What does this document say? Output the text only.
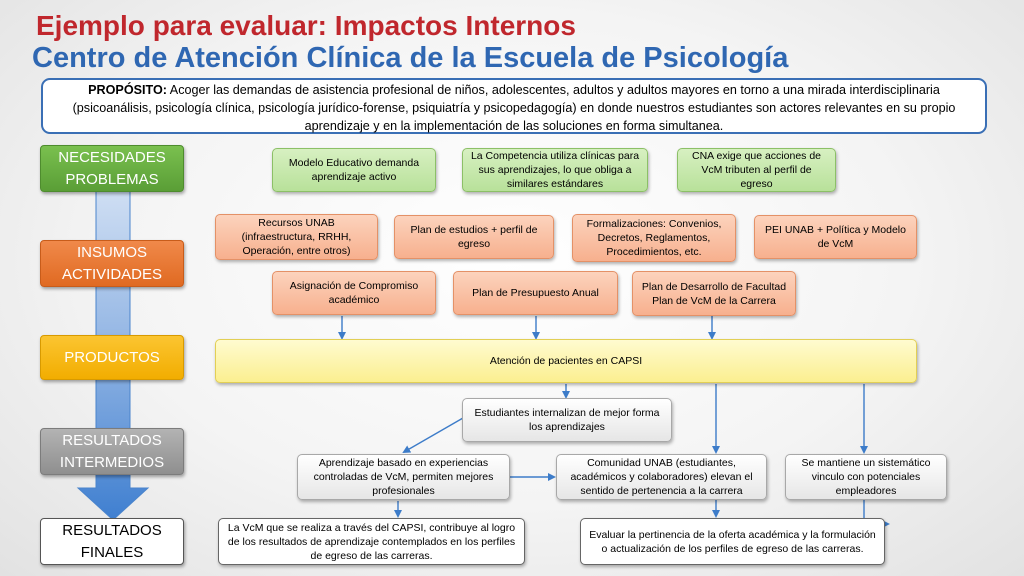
Ejemplo para evaluar: Impactos Internos
Centro de Atención Clínica de la Escuela de Psicología
PROPÓSITO: Acoger las demandas de asistencia profesional de niños, adolescentes, adultos y adultos mayores en torno a una mirada interdisciplinaria (psicoanálisis, psicología clínica, psicología jurídico-forense, psiquiatría y psicopedagogía) en donde nuestros estudiantes son actores relevantes en su propio aprendizaje y en la implementación de las soluciones en forma simultanea.
NECESIDADES PROBLEMAS
INSUMOS ACTIVIDADES
PRODUCTOS
RESULTADOS INTERMEDIOS
RESULTADOS FINALES
Modelo Educativo demanda aprendizaje activo
La Competencia utiliza clínicas para sus aprendizajes, lo que obliga a similares estándares
CNA exige que acciones de VcM tributen al perfil de egreso
Recursos UNAB (infraestructura, RRHH, Operación, entre otros)
Plan de estudios + perfil de egreso
Formalizaciones: Convenios, Decretos, Reglamentos, Procedimientos, etc.
PEI UNAB + Política y Modelo de VcM
Asignación de Compromiso académico
Plan de Presupuesto Anual
Plan de Desarrollo de Facultad
Plan de VcM de la Carrera
Atención de pacientes en CAPSI
Estudiantes internalizan de mejor forma los aprendizajes
Aprendizaje basado en experiencias controladas de VcM, permiten mejores profesionales
Comunidad UNAB (estudiantes, académicos y colaboradores) elevan el sentido de pertenencia a la carrera
Se mantiene un sistemático vinculo con potenciales empleadores
La VcM que se realiza a través del CAPSI, contribuye al logro de los resultados de aprendizaje contemplados en los perfiles de egreso de las carreras.
Evaluar la pertinencia de la oferta académica y la formulación o actualización de los perfiles de egreso de las carreras.
